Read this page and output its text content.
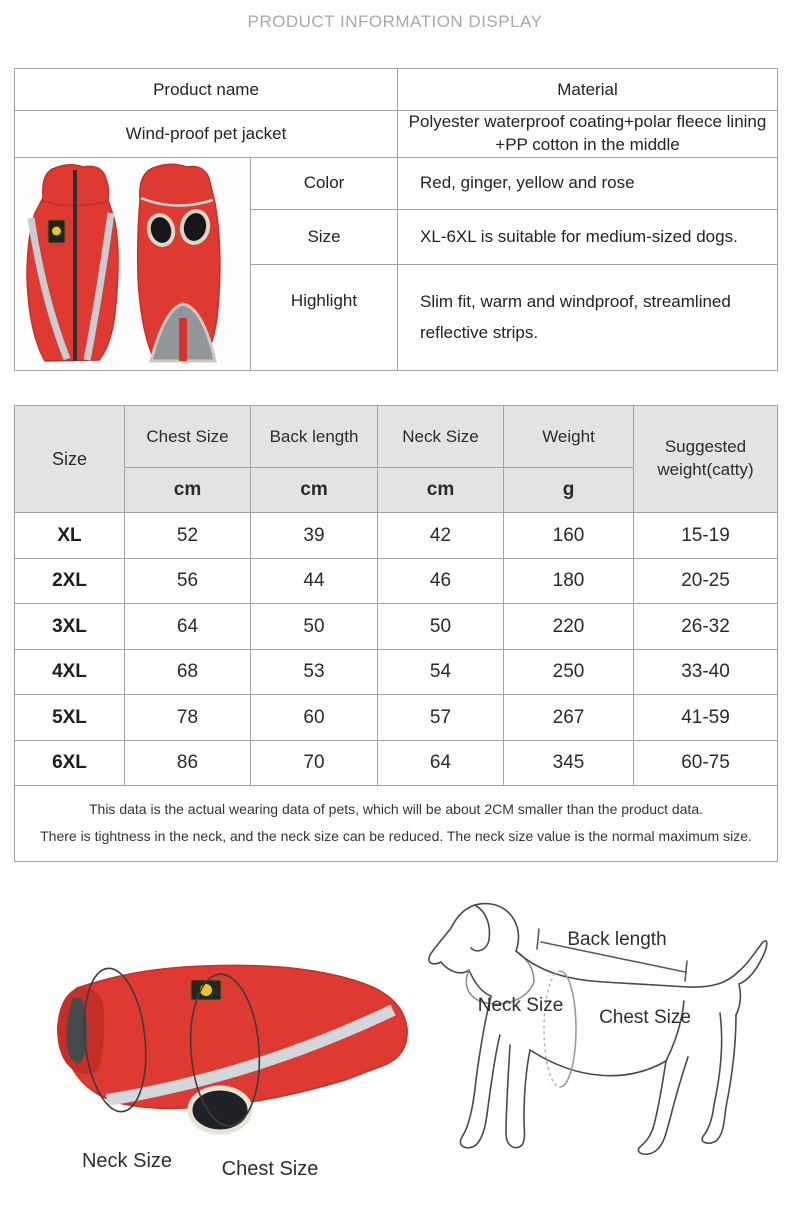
PRODUCT INFORMATION DISPLAY
Product name		Material
Wind-proof pet jacket		Polyester waterproof coating+polar fleece lining
+PP cotton in the middle

	Color	Red, ginger, yellow and rose
	Size	XL-6XL is suitable for medium-sized dogs.
	Highlight	Slim fit, warm and windproof, streamlined
reflective strips.
Size	Chest Size	Back length	Neck Size	Weight	Suggested weight(catty)
	cm	cm	cm	g	
XL	52	39	42	160	15-19
2XL	56	44	46	180	20-25
3XL	64	50	50	220	26-32
4XL	68	53	54	250	33-40
5XL	78	60	57	267	41-59
6XL	86	70	64	345	60-75

This data is the actual wearing data of pets, which will be about 2CM smaller than the product data.
There is tightness in the neck, and the neck size can be reduced. The neck size value is the normal maximum size.					
Neck Size Chest Size
Back length
Neck Size
Chest Size
